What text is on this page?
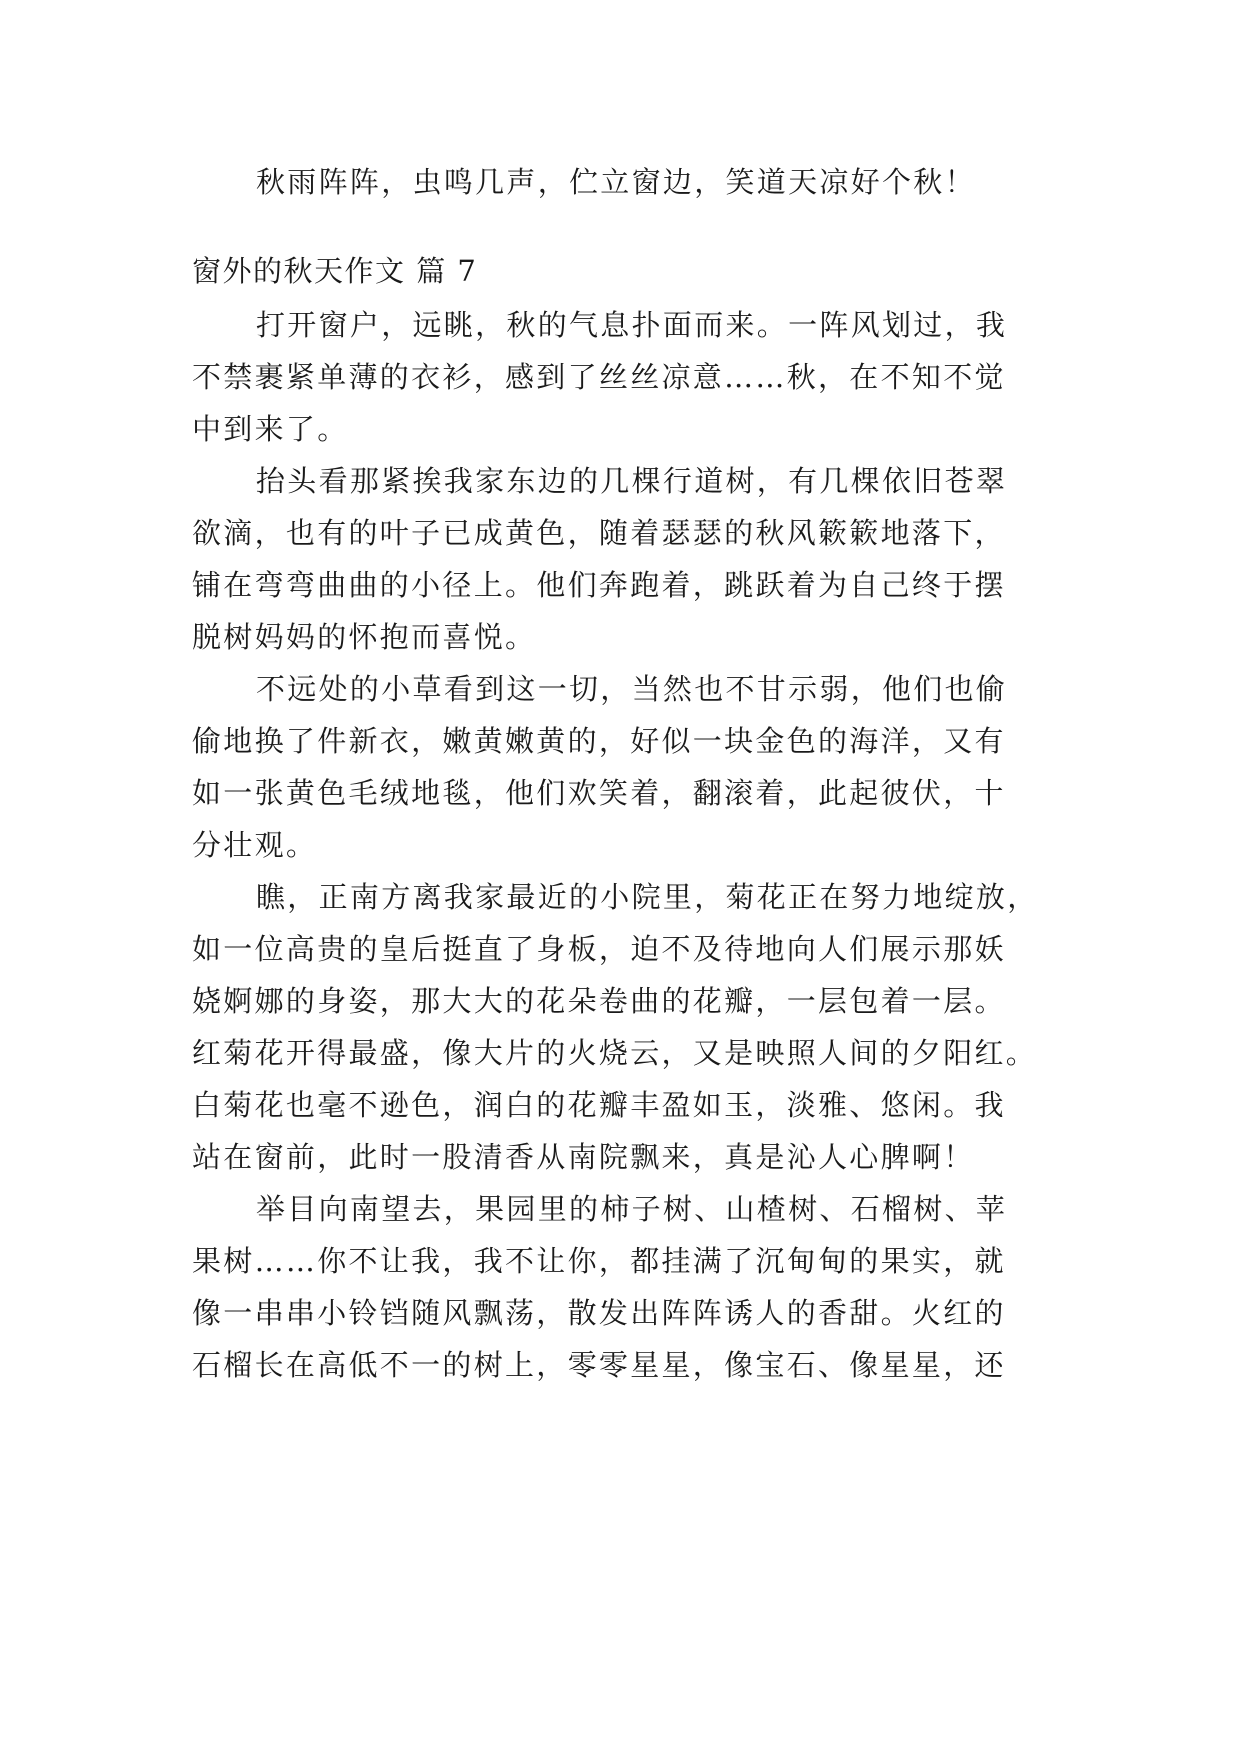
秋雨阵阵，虫鸣几声，伫立窗边，笑道天凉好个秋！
窗外的秋天作文 篇 7
打开窗户，远眺，秋的气息扑面而来。一阵风划过，我
不禁裹紧单薄的衣衫，感到了丝丝凉意……秋，在不知不觉
中到来了。
抬头看那紧挨我家东边的几棵行道树，有几棵依旧苍翠
欲滴，也有的叶子已成黄色，随着瑟瑟的秋风簌簌地落下，
铺在弯弯曲曲的小径上。他们奔跑着，跳跃着为自己终于摆
脱树妈妈的怀抱而喜悦。
不远处的小草看到这一切，当然也不甘示弱，他们也偷
偷地换了件新衣，嫩黄嫩黄的，好似一块金色的海洋，又有
如一张黄色毛绒地毯，他们欢笑着，翻滚着，此起彼伏，十
分壮观。
瞧，正南方离我家最近的小院里，菊花正在努力地绽放，
如一位高贵的皇后挺直了身板，迫不及待地向人们展示那妖
娆婀娜的身姿，那大大的花朵卷曲的花瓣，一层包着一层。
红菊花开得最盛，像大片的火烧云，又是映照人间的夕阳红。
白菊花也毫不逊色，润白的花瓣丰盈如玉，淡雅、悠闲。我
站在窗前，此时一股清香从南院飘来，真是沁人心脾啊！
举目向南望去，果园里的柿子树、山楂树、石榴树、苹
果树……你不让我，我不让你，都挂满了沉甸甸的果实，就
像一串串小铃铛随风飘荡，散发出阵阵诱人的香甜。火红的
石榴长在高低不一的树上，零零星星，像宝石、像星星，还
